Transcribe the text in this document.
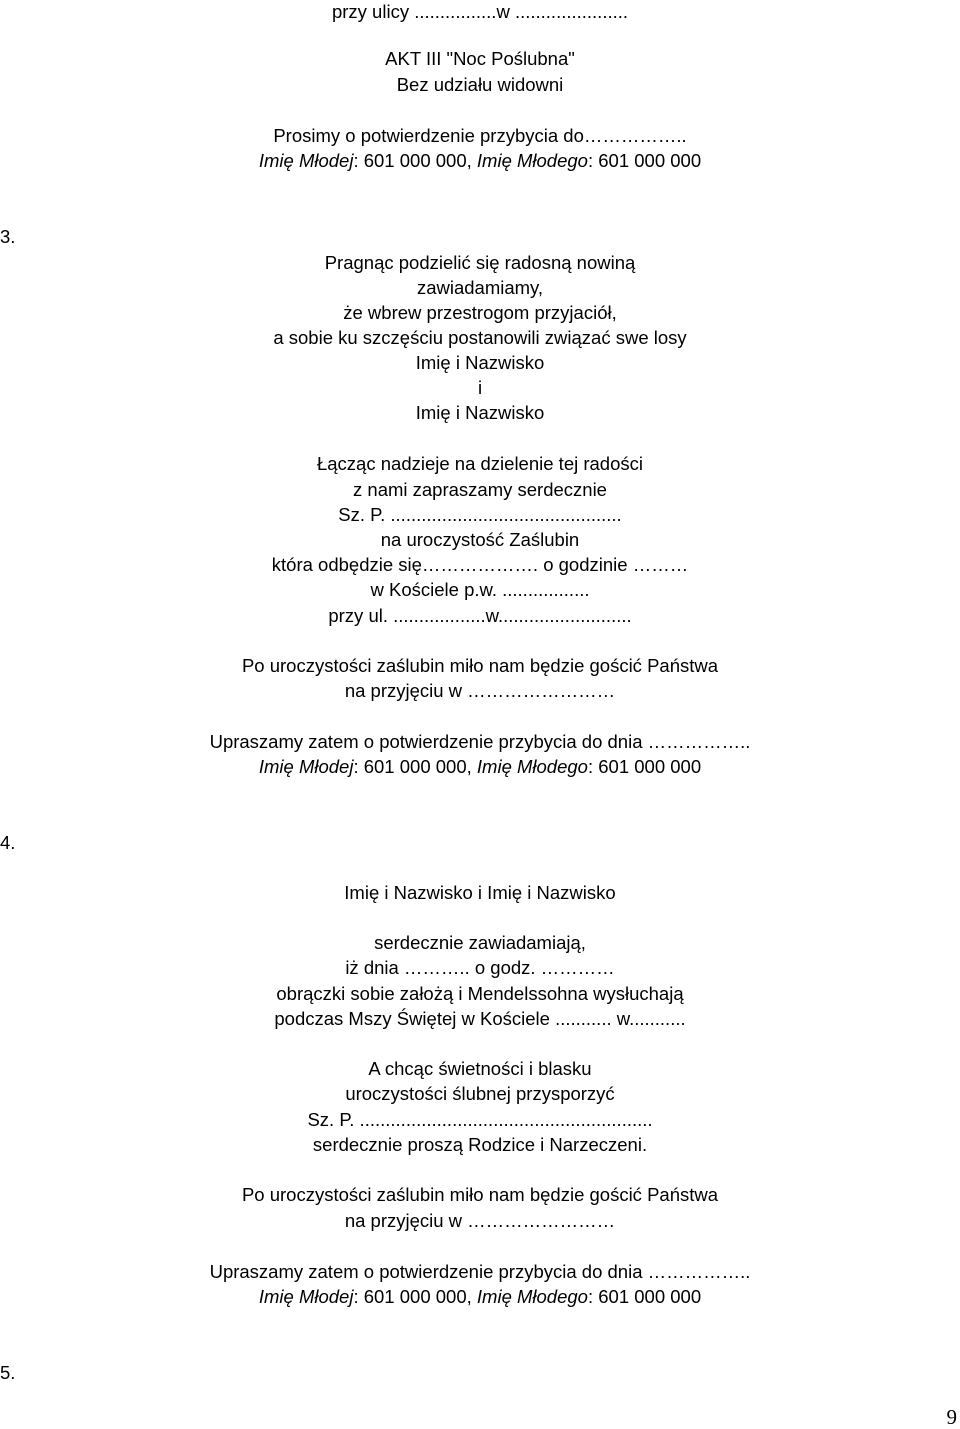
przy ulicy ................w ......................
AKT III "Noc Poślubna"
Bez udziału widowni
Prosimy o potwierdzenie przybycia do……………..
Imię Młodej: 601 000 000, Imię Młodego: 601 000 000
3.
Pragnąc podzielić się radosną nowiną
zawiadamiamy,
że wbrew przestrogom przyjaciół,
a sobie ku szczęściu postanowili związać swe losy
Imię i Nazwisko
i
Imię i Nazwisko
Łącząc nadzieje na dzielenie tej radości
z nami zapraszamy serdecznie
Sz. P. .............................................
na uroczystość Zaślubin
która odbędzie się………………. o godzinie ………
w Kościele p.w. .................
przy ul. ..................w..........................
Po uroczystości zaślubin miło nam będzie gościć Państwa
na przyjęciu w ……………………
Upraszamy zatem o potwierdzenie przybycia do dnia ……………..
Imię Młodej: 601 000 000, Imię Młodego: 601 000 000
4.
Imię i Nazwisko i Imię i Nazwisko
serdecznie zawiadamiają,
iż dnia ……….. o godz. …………
obrączki sobie założą i Mendelssohna wysłuchają
podczas Mszy Świętej w Kościele ........... w...........
A chcąc świetności i blasku
uroczystości ślubnej przysporzyć
Sz. P. .........................................................
serdecznie proszą Rodzice i Narzeczeni.
Po uroczystości zaślubin miło nam będzie gościć Państwa
na przyjęciu w ……………………
Upraszamy zatem o potwierdzenie przybycia do dnia ……………..
Imię Młodej: 601 000 000, Imię Młodego: 601 000 000
5.
9
